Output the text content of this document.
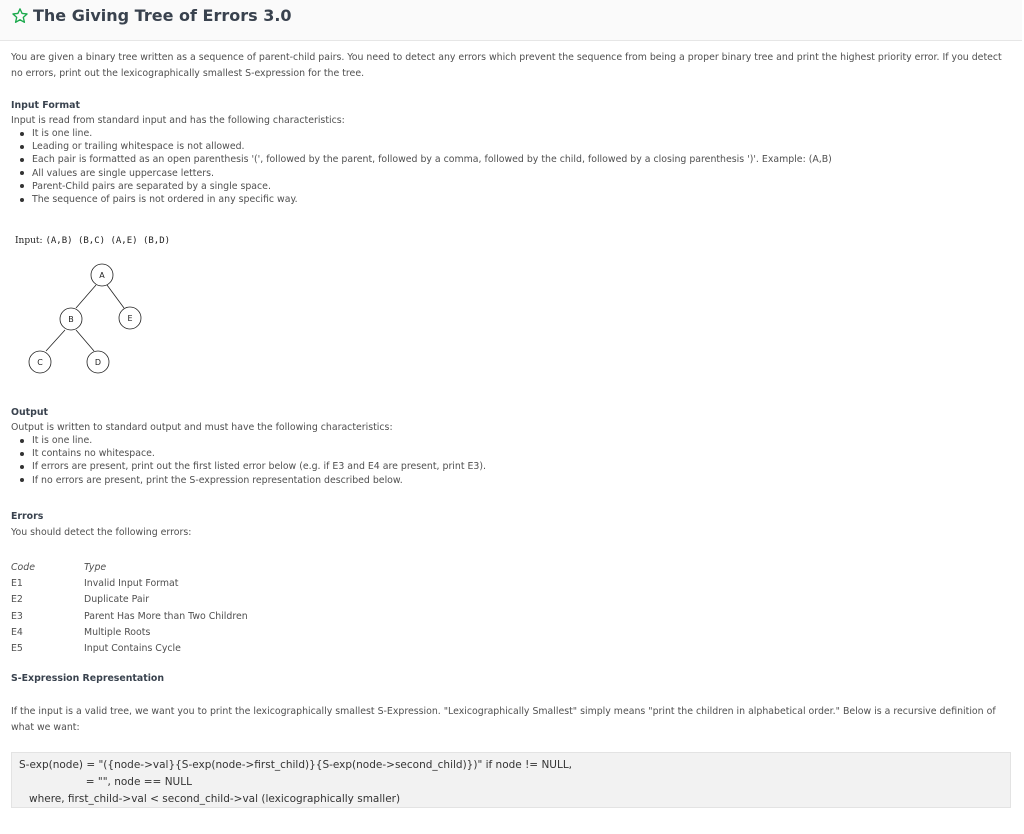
The Giving Tree of Errors 3.0

You are given a binary tree written as a sequence of parent-child pairs. You need to detect any errors which prevent the sequence from being a proper binary tree and print the highest priority error. If you detect no errors, print out the lexicographically smallest S-expression for the tree.

Input Format

Input is read from standard input and has the following characteristics:

It is one line.
Leading or trailing whitespace is not allowed.
Each pair is formatted as an open parenthesis '(', followed by the parent, followed by a comma, followed by the child, followed by a closing parenthesis ')'. Example: (A,B)
All values are single uppercase letters.
Parent-Child pairs are separated by a single space.
The sequence of pairs is not ordered in any specific way.
Input: (A,B) (B,C) (A,E) (B,D)
A
B	E
C	D

Output

Output is written to standard output and must have the following characteristics:

It is one line.
It contains no whitespace.
If errors are present, print out the first listed error below (e.g. if E3 and E4 are present, print E3).
If no errors are present, print the S-expression representation described below.

Errors

You should detect the following errors:

Code	Type
E1	Invalid Input Format
E2	Duplicate Pair
E3	Parent Has More than Two Children
E4	Multiple Roots
E5	Input Contains Cycle

S-Expression Representation

If the input is a valid tree, we want you to print the lexicographically smallest S-Expression. "Lexicographically Smallest" simply means "print the children in alphabetical order." Below is a recursive definition of what we want:

S-exp(node) = "({node->val}{S-exp(node->first_child)}{S-exp(node->second_child)})" if node != NULL,
= "", node == NULL
where, first_child->val < second_child->val (lexicographically smaller)
